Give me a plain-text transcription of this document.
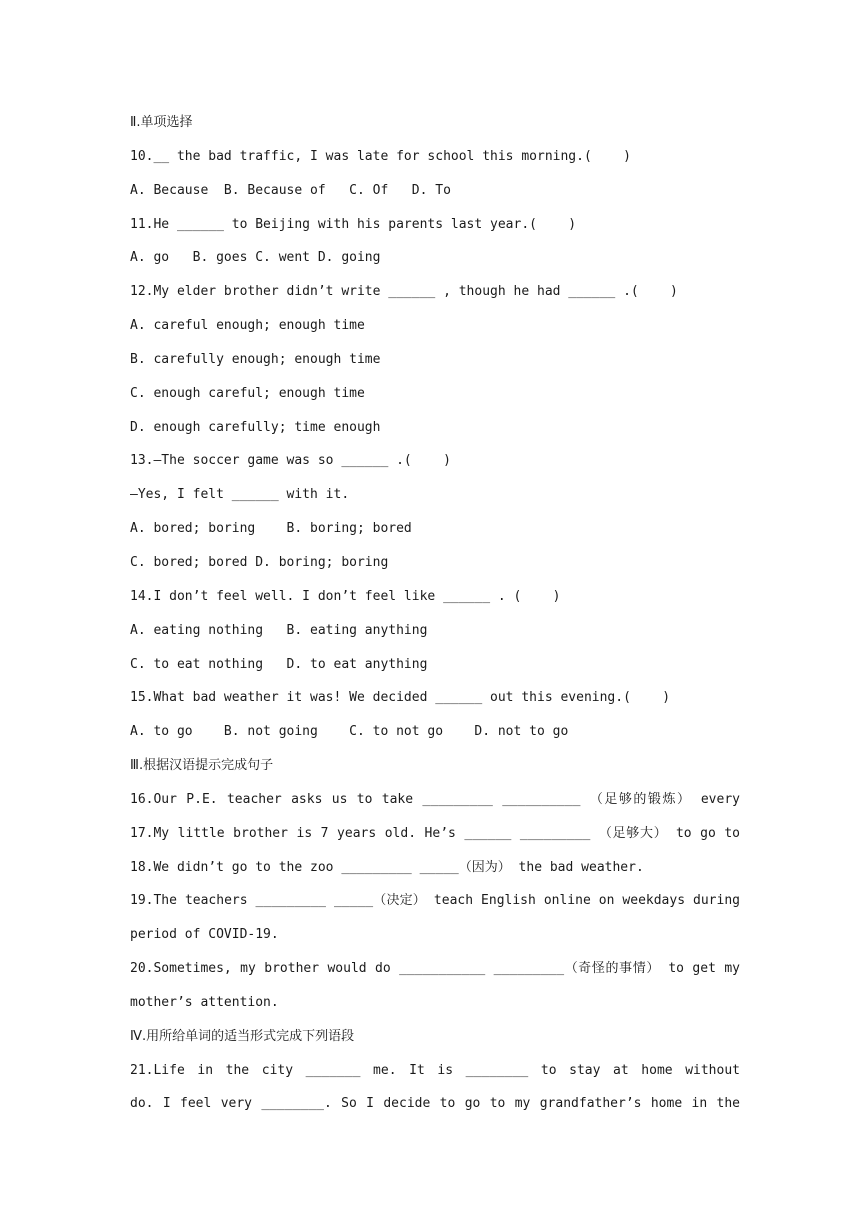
Ⅱ.单项选择
10.__ the bad traffic, I was late for school this morning.(    )
A. Because  B. Because of   C. Of   D. To
11.He ______ to Beijing with his parents last year.(    )
A. go   B. goes C. went D. going
12.My elder brother didn’t write ______ , though he had ______ .(    )
A. careful enough; enough time
B. carefully enough; enough time
C. enough careful; enough time
D. enough carefully; time enough
13.—The soccer game was so ______ .(    )
—Yes, I felt ______ with it.
A. bored; boring    B. boring; bored
C. bored; bored D. boring; boring
14.I don’t feel well. I don’t feel like ______ . (    )
A. eating nothing   B. eating anything
C. to eat nothing   D. to eat anything
15.What bad weather it was! We decided ______ out this evening.(    )
A. to go    B. not going    C. to not go    D. not to go
Ⅲ.根据汉语提示完成句子
16.Our P.E. teacher asks us to take _________ __________ （足够的锻炼） every
17.My little brother is 7 years old. He’s ______ _________ （足够大） to go to
18.We didn’t go to the zoo _________ _____（因为） the bad weather.
19.The teachers _________ _____（决定） teach English online on weekdays during
period of COVID-19.
20.Sometimes, my brother would do ___________ _________（奇怪的事情） to get my
mother’s attention.
Ⅳ.用所给单词的适当形式完成下列语段
21.Life in the city _______ me. It is ________ to stay at home without
do. I feel very ________. So I decide to go to my grandfather’s home in the
